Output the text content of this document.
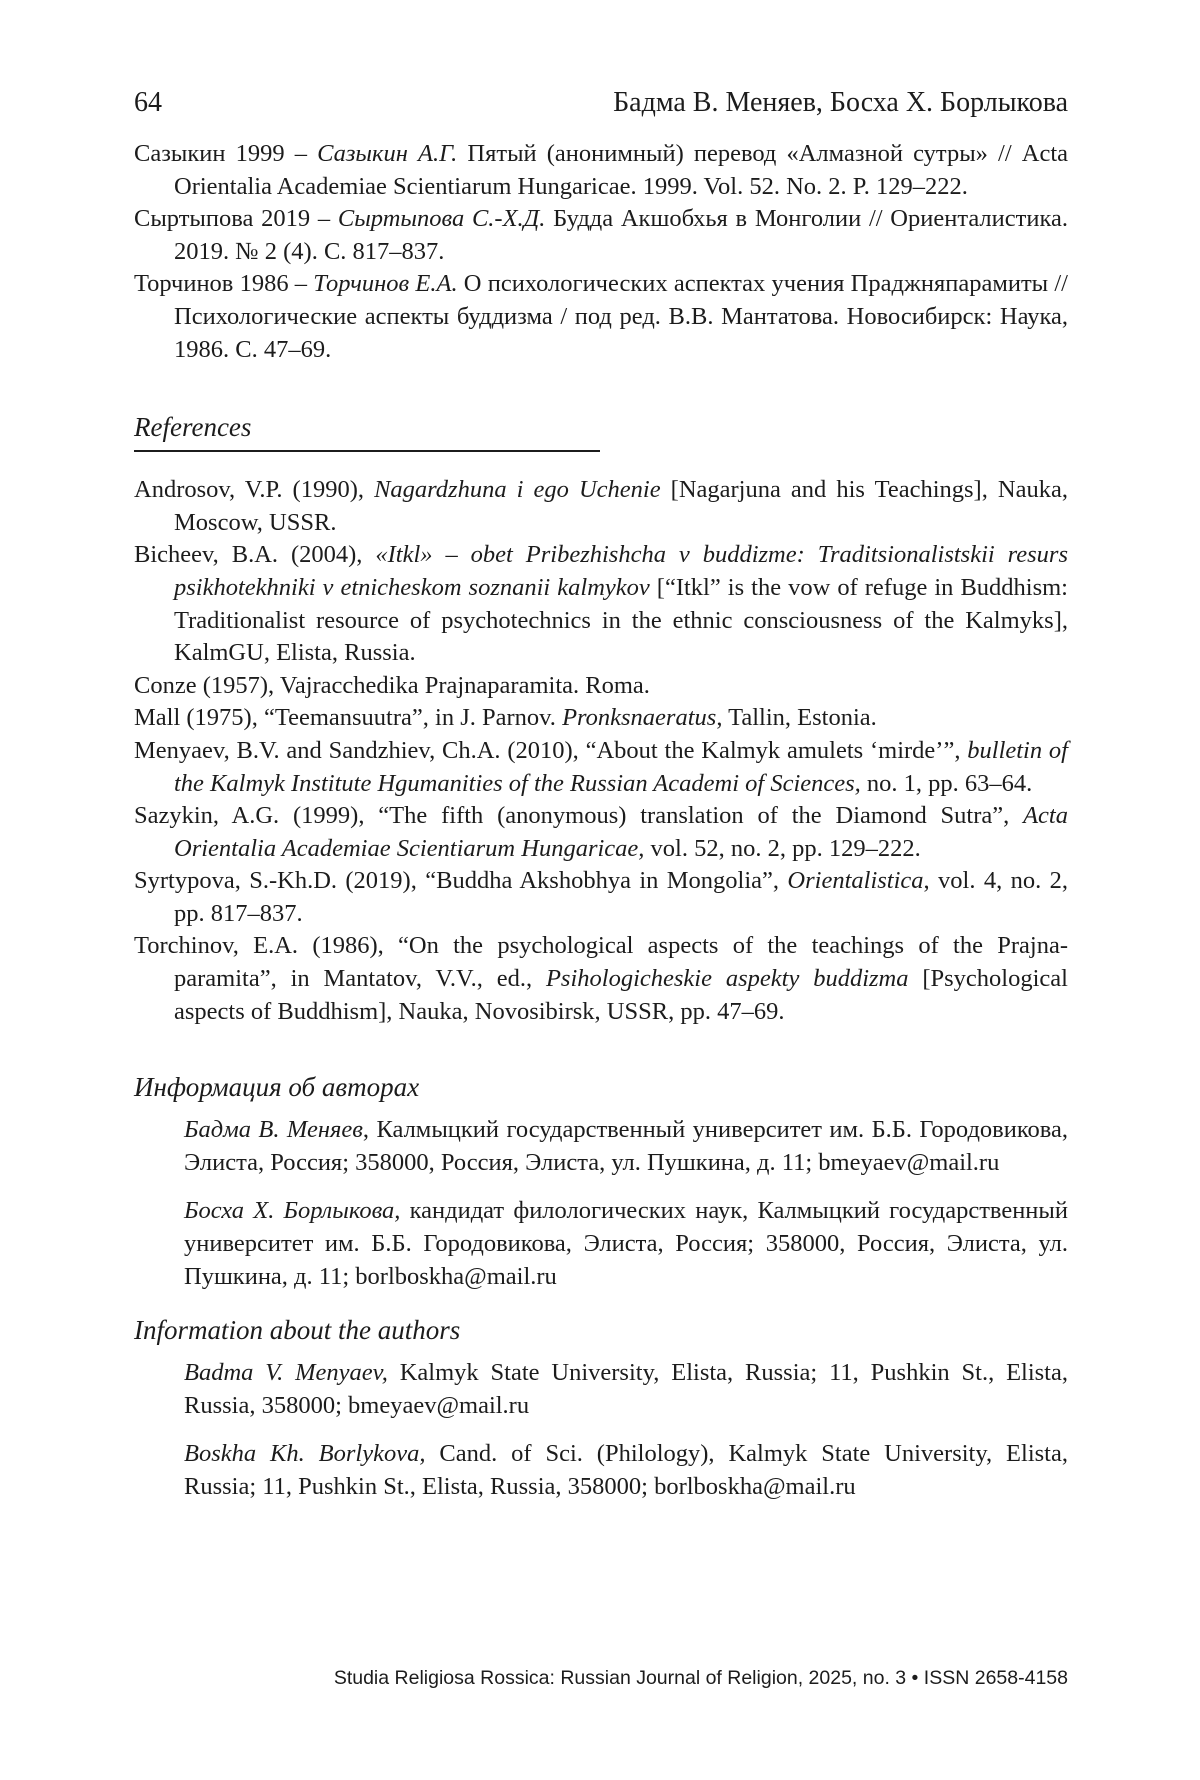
64	Бадма В. Меняев, Босха Х. Борлыкова

Сазыкин 1999 – Сазыкин А.Г. Пятый (анонимный) перевод «Алмазной сутры» // Acta Orientalia Academiae Scientiarum Hungaricae. 1999. Vol. 52. No. 2. P. 129–222.

Сыртыпова 2019 – Сыртыпова С.-Х.Д. Будда Акшобхья в Монголии // Ориенталистика. 2019. № 2 (4). С. 817–837.

Торчинов 1986 – Торчинов Е.А. О психологических аспектах учения Праджняпарамиты // Психологические аспекты буддизма / под ред. В.В. Мантатова. Новосибирск: Наука, 1986. С. 47–69.

References

Androsov, V.P. (1990), Nagardzhuna i ego Uchenie [Nagarjuna and his Teachings], Nauka, Moscow, USSR.

Bicheev, B.A. (2004), «Itkl» – obet Pribezhishcha v buddizme: Traditsionalistskii resurs psikhotekhniki v etnicheskom soznanii kalmykov [“Itkl” is the vow of refuge in Buddhism: Traditionalist resource of psychotechnics in the ethnic consciousness of the Kalmyks], KalmGU, Elista, Russia.

Conze (1957), Vajracchedika Prajnaparamita. Roma.

Mall (1975), “Teemansuutra”, in J. Parnov. Pronksnaeratus, Tallin, Estonia.

Menyaev, B.V. and Sandzhiev, Ch.A. (2010), “About the Kalmyk amulets ‘mirde’”, bulletin of the Kalmyk Institute Hgumanities of the Russian Academi of Sciences, no. 1, pp. 63–64.

Sazykin, A.G. (1999), “The fifth (anonymous) translation of the Diamond Sutra”, Acta Orientalia Academiae Scientiarum Hungaricae, vol. 52, no. 2, pp. 129–222.

Syrtypova, S.-Kh.D. (2019), “Buddha Akshobhya in Mongolia”, Orientalistica, vol. 4, no. 2, pp. 817–837.

Torchinov, E.A. (1986), “On the psychological aspects of the teachings of the Prajna-paramita”, in Mantatov, V.V., ed., Psihologicheskie aspekty buddizma [Psychological aspects of Buddhism], Nauka, Novosibirsk, USSR, pp. 47–69.

Информация об авторах

Бадма В. Меняев, Калмыцкий государственный университет им. Б.Б. Городовикова, Элиста, Россия; 358000, Россия, Элиста, ул. Пушкина, д. 11; bmeyaev@mail.ru

Босха Х. Борлыкова, кандидат филологических наук, Калмыцкий государственный университет им. Б.Б. Городовикова, Элиста, Россия; 358000, Россия, Элиста, ул. Пушкина, д. 11; borlboskha@mail.ru

Information about the authors

Badma V. Menyaev, Kalmyk State University, Elista, Russia; 11, Pushkin St., Elista, Russia, 358000; bmeyaev@mail.ru

Boskha Kh. Borlykova, Cand. of Sci. (Philology), Kalmyk State University, Elista, Russia; 11, Pushkin St., Elista, Russia, 358000; borlboskha@mail.ru

Studia Religiosa Rossica: Russian Journal of Religion, 2025, no. 3 • ISSN 2658-4158
